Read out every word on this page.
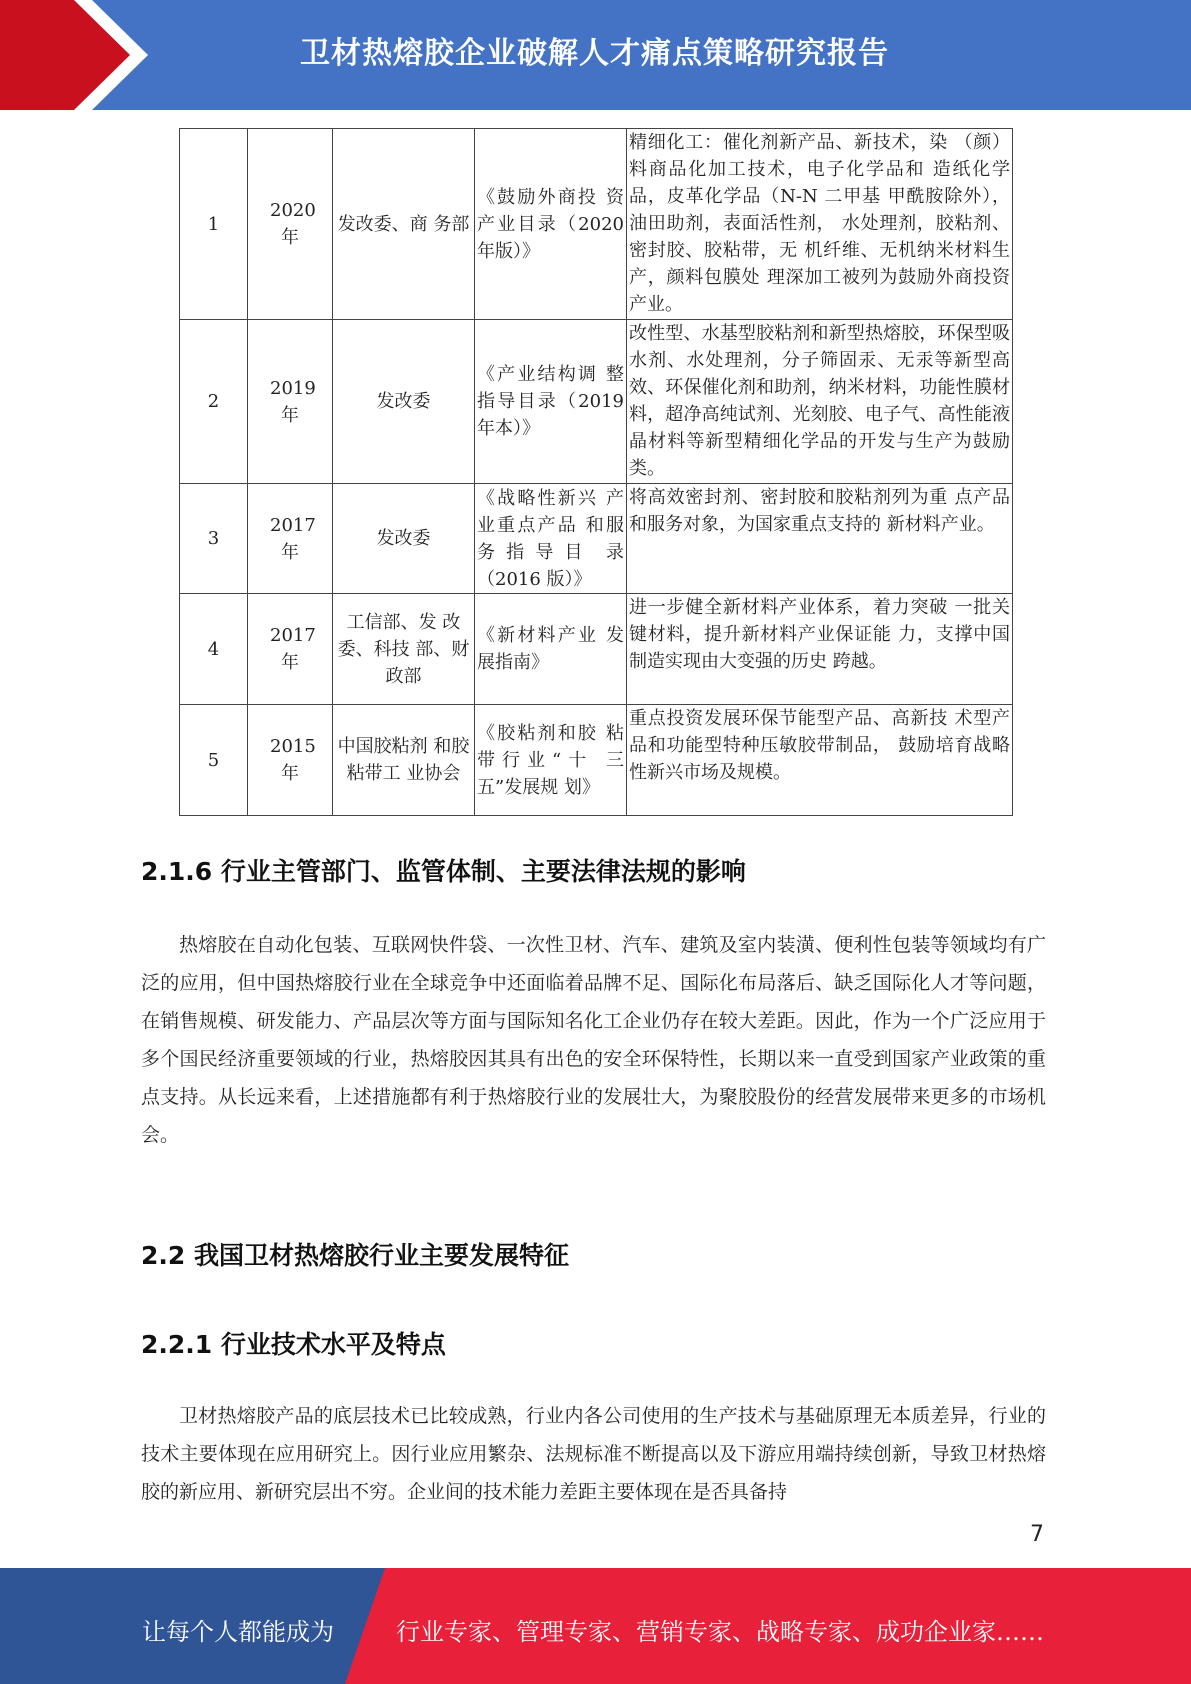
卫材热熔胶企业破解人才痛点策略研究报告
1	2020年	发改委、商 务部	《鼓励外商投 资产业目录（2020 年版）》	精细化工：催化剂新产品、新技术，染 （颜）料商品化加工技术，电子化学品和 造纸化学品，皮革化学品（N-N 二甲基 甲酰胺除外），油田助剂，表面活性剂， 水处理剂，胶粘剂、密封胶、胶粘带，无 机纤维、无机纳米材料生产，颜料包膜处 理深加工被列为鼓励外商投资产业。
2	2019年	发改委	《产业结构调 整指导目录（2019 年本）》	改性型、水基型胶粘剂和新型热熔胶，环保型吸水剂、水处理剂，分子筛固汞、无汞等新型高效、环保催化剂和助剂，纳米材料，功能性膜材料，超净高纯试剂、光刻胶、电子气、高性能液晶材料等新型精细化学品的开发与生产为鼓励类。
3	2017年	发改委	《战略性新兴 产业重点产品 和服务 指 导 目　录（2016 版）》	将高效密封剂、密封胶和胶粘剂列为重 点产品和服务对象，为国家重点支持的 新材料产业。
4	2017年	工信部、发 改委、科技 部、财政部	《新材料产业 发展指南》	进一步健全新材料产业体系，着力突破 一批关键材料，提升新材料产业保证能 力，支撑中国制造实现由大变强的历史 跨越。
5	2015年	中国胶粘剂 和胶粘带工 业协会	《胶粘剂和胶 粘带行业“十 三五”发展规 划》	重点投资发展环保节能型产品、高新技 术型产品和功能型特种压敏胶带制品， 鼓励培育战略性新兴市场及规模。
2.1.6 行业主管部门、监管体制、主要法律法规的影响

热熔胶在自动化包装、互联网快件袋、一次性卫材、汽车、建筑及室内装潢、便利性包装等领域均有广泛的应用，但中国热熔胶行业在全球竞争中还面临着品牌不足、国际化布局落后、缺乏国际化人才等问题，在销售规模、研发能力、产品层次等方面与国际知名化工企业仍存在较大差距。因此，作为一个广泛应用于多个国民经济重要领域的行业，热熔胶因其具有出色的安全环保特性，长期以来一直受到国家产业政策的重点支持。从长远来看，上述措施都有利于热熔胶行业的发展壮大，为聚胶股份的经营发展带来更多的市场机会。

2.2 我国卫材热熔胶行业主要发展特征
2.2.1 行业技术水平及特点

卫材热熔胶产品的底层技术已比较成熟，行业内各公司使用的生产技术与基础原理无本质差异，行业的技术主要体现在应用研究上。因行业应用繁杂、法规标准不断提高以及下游应用端持续创新，导致卫材热熔胶的新应用、新研究层出不穷。企业间的技术能力差距主要体现在是否具备持

7
让每个人都能成为	行业专家、管理专家、营销专家、战略专家、成功企业家……
